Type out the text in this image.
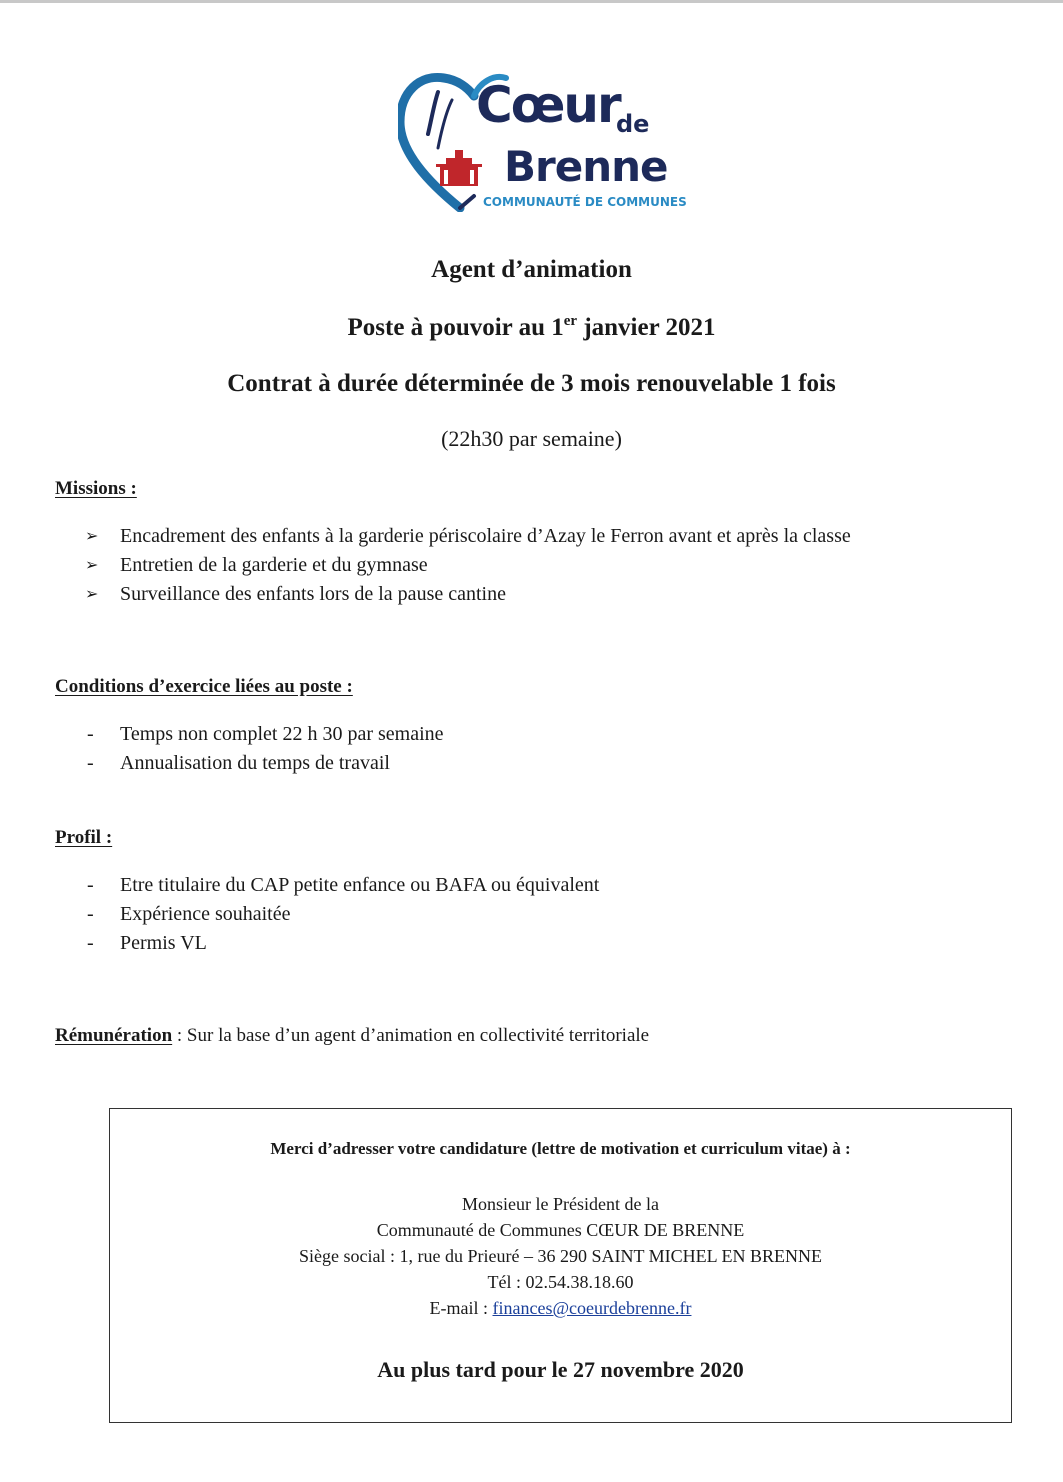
Cœur
de
Brenne
COMMUNAUTÉ DE COMMUNES
Agent d’animation
Poste à pouvoir au 1er janvier 2021
Contrat à durée déterminée de 3 mois renouvelable 1 fois
(22h30 par semaine)
Missions :
➢	Encadrement des enfants à la garderie périscolaire d’Azay le Ferron avant et après la classe
➢	Entretien de la garderie et du gymnase
➢	Surveillance des enfants lors de la pause cantine
Conditions d’exercice liées au poste :
-	Temps non complet 22 h 30 par semaine
-	Annualisation du temps de travail
Profil :
-	Etre titulaire du CAP petite enfance ou BAFA ou équivalent
-	Expérience souhaitée
-	Permis VL
Rémunération : Sur la base d’un agent d’animation en collectivité territoriale
Merci d’adresser votre candidature (lettre de motivation et curriculum vitae) à :
Monsieur le Président de la
Communauté de Communes CŒUR DE BRENNE
Siège social : 1, rue du Prieuré – 36 290 SAINT MICHEL EN BRENNE
Tél : 02.54.38.18.60
E-mail : finances@coeurdebrenne.fr
Au plus tard pour le 27 novembre 2020
